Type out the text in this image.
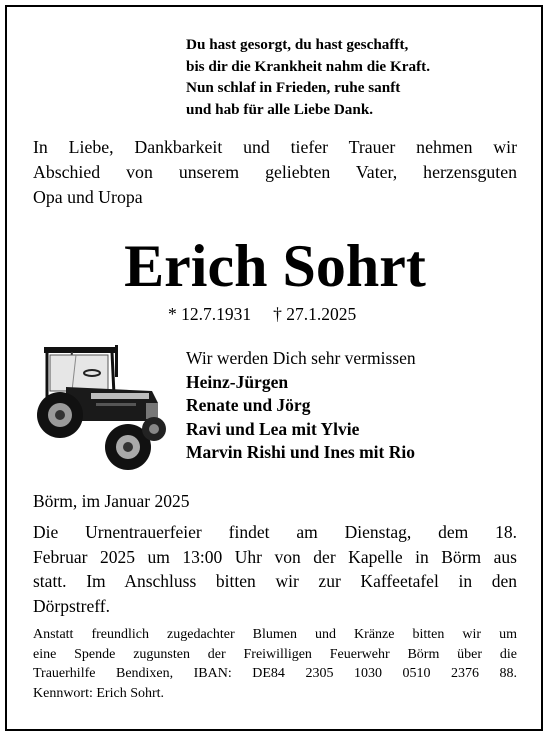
Du hast gesorgt, du hast geschafft,
bis dir die Krankheit nahm die Kraft.
Nun schlaf in Frieden, ruhe sanft
und hab für alle Liebe Dank.
In Liebe, Dankbarkeit und tiefer Trauer nehmen wir
Abschied von unserem geliebten Vater, herzensguten
Opa und Uropa
Erich Sohrt
* 12.7.1931 † 27.1.2025
Wir werden Dich sehr vermissen
Heinz-Jürgen
Renate und Jörg
Ravi und Lea mit Ylvie
Marvin Rishi und Ines mit Rio
Börm, im Januar 2025
Die Urnentrauerfeier findet am Dienstag, dem 18.
Februar 2025 um 13:00 Uhr von der Kapelle in Börm aus
statt. Im Anschluss bitten wir zur Kaffeetafel in den
Dörpstreff.
Anstatt freundlich zugedachter Blumen und Kränze bitten wir um
eine Spende zugunsten der Freiwilligen Feuerwehr Börm über die
Trauerhilfe Bendixen, IBAN: DE84 2305 1030 0510 2376 88.
Kennwort: Erich Sohrt.
